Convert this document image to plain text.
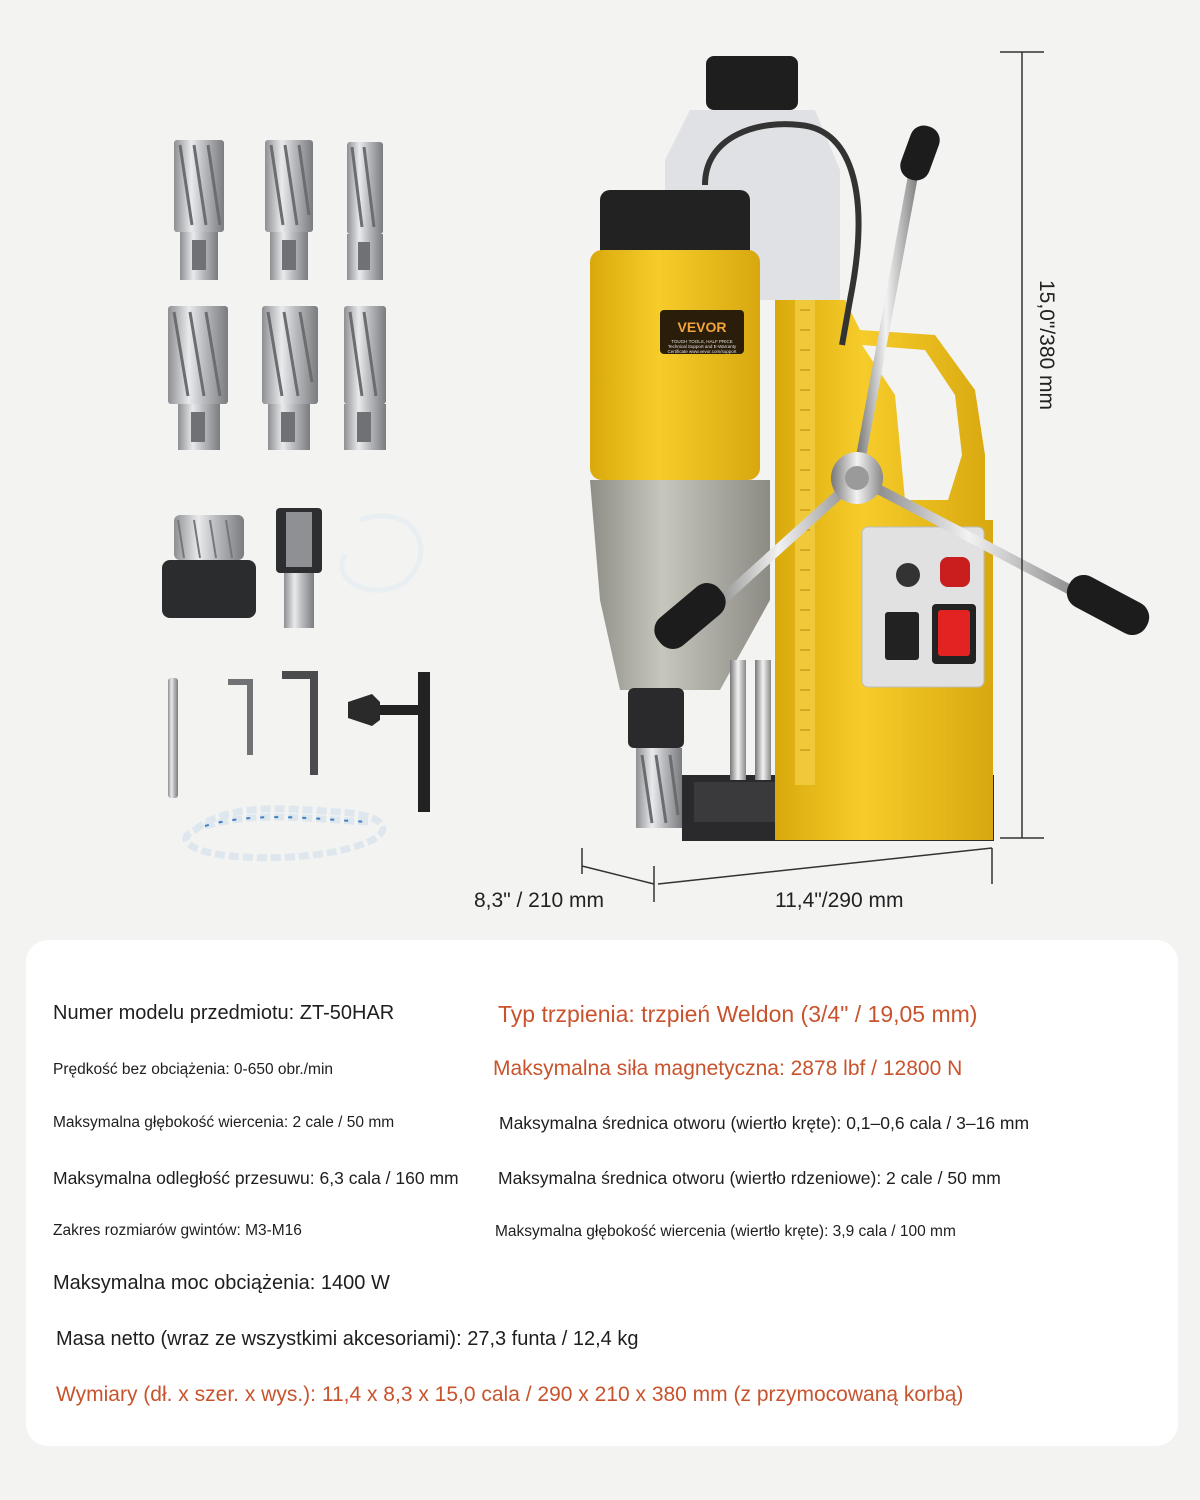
VEVOR
TOUGH TOOLS, HALF PRICE
Technical Support and E-Warranty
Certificate www.vevor.com/support	15,0"/380 mm
8,3" / 210 mm	11,4"/290 mm
Numer modelu przedmiotu: ZT-50HAR
Prędkość bez obciążenia: 0-650 obr./min
Maksymalna głębokość wiercenia: 2 cale / 50 mm
Maksymalna odległość przesuwu: 6,3 cala / 160 mm
Zakres rozmiarów gwintów: M3-M16
Maksymalna moc obciążenia: 1400 W
Masa netto (wraz ze wszystkimi akcesoriami): 27,3 funta / 12,4 kg
Wymiary (dł. x szer. x wys.): 11,4 x 8,3 x 15,0 cala / 290 x 210 x 380 mm (z przymocowaną korbą)
Typ trzpienia: trzpień Weldon (3/4" / 19,05 mm)
Maksymalna siła magnetyczna: 2878 lbf / 12800 N
Maksymalna średnica otworu (wiertło kręte): 0,1–0,6 cala / 3–16 mm
Maksymalna średnica otworu (wiertło rdzeniowe): 2 cale / 50 mm
Maksymalna głębokość wiercenia (wiertło kręte): 3,9 cala / 100 mm
